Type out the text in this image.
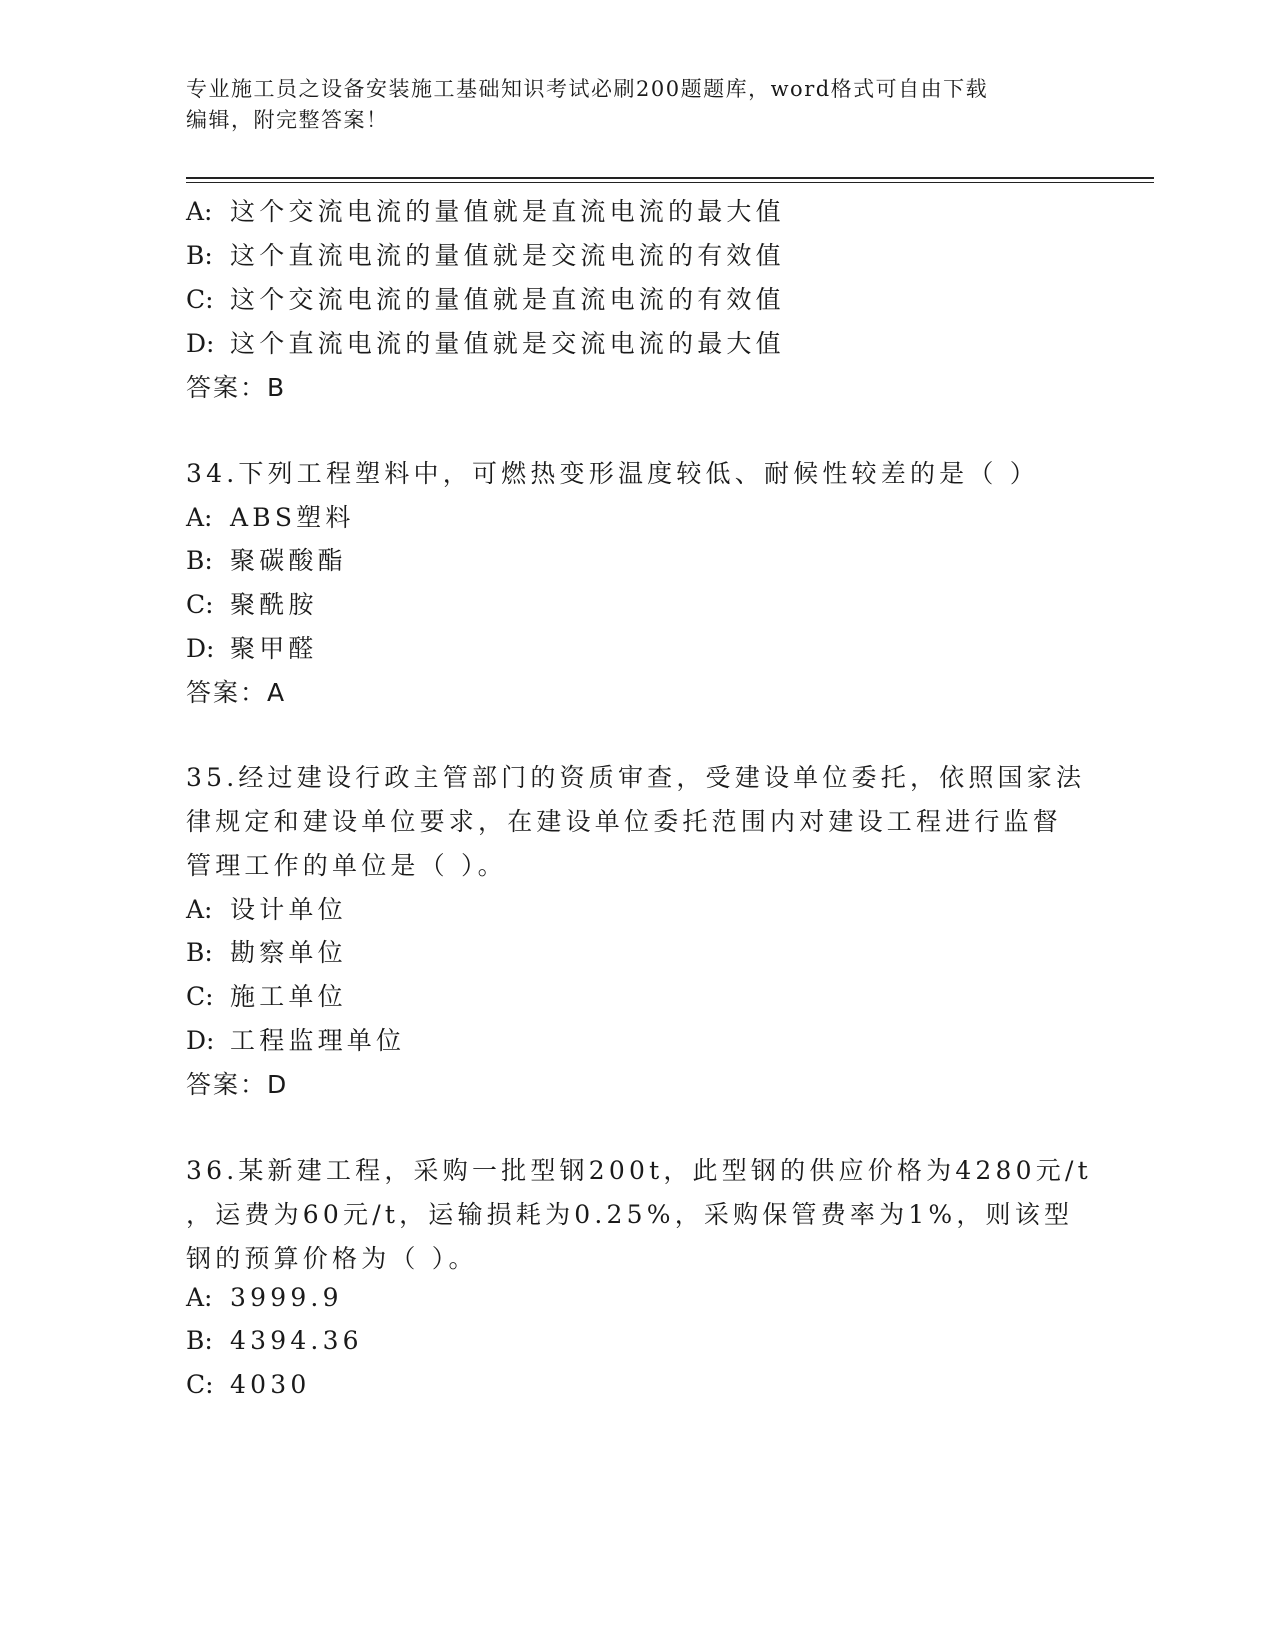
专业施工员之设备安装施工基础知识考试必刷200题题库，word格式可自由下载
编辑，附完整答案！
A: 这个交流电流的量值就是直流电流的最大值
B: 这个直流电流的量值就是交流电流的有效值
C: 这个交流电流的量值就是直流电流的有效值
D: 这个直流电流的量值就是交流电流的最大值
答案：B
34.下列工程塑料中，可燃热变形温度较低、耐候性较差的是（ ）
A: ABS塑料
B: 聚碳酸酯
C: 聚酰胺
D: 聚甲醛
答案：A
35.经过建设行政主管部门的资质审查，受建设单位委托，依照国家法
律规定和建设单位要求，在建设单位委托范围内对建设工程进行监督
管理工作的单位是（ ）。
A: 设计单位
B: 勘察单位
C: 施工单位
D: 工程监理单位
答案：D
36.某新建工程，采购一批型钢200t，此型钢的供应价格为4280元/t
，运费为60元/t，运输损耗为0.25%，采购保管费率为1%，则该型
钢的预算价格为（ ）。
A: 3999.9
B: 4394.36
C: 4030
